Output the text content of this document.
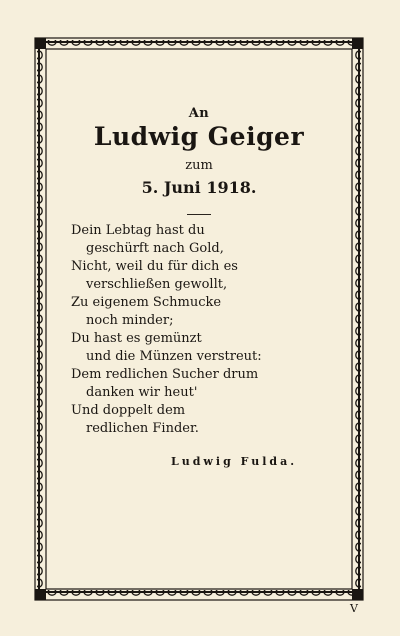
An
Ludwig Geiger
zum
5. Juni 1918.
Dein Lebtag hast du
geschürft nach Gold,
Nicht, weil du für dich es
verschließen gewollt,
Zu eigenem Schmucke
noch minder;
Du hast es gemünzt
und die Münzen verstreut:
Dem redlichen Sucher drum
danken wir heut'
Und doppelt dem
redlichen Finder.
Ludwig Fulda.
V
